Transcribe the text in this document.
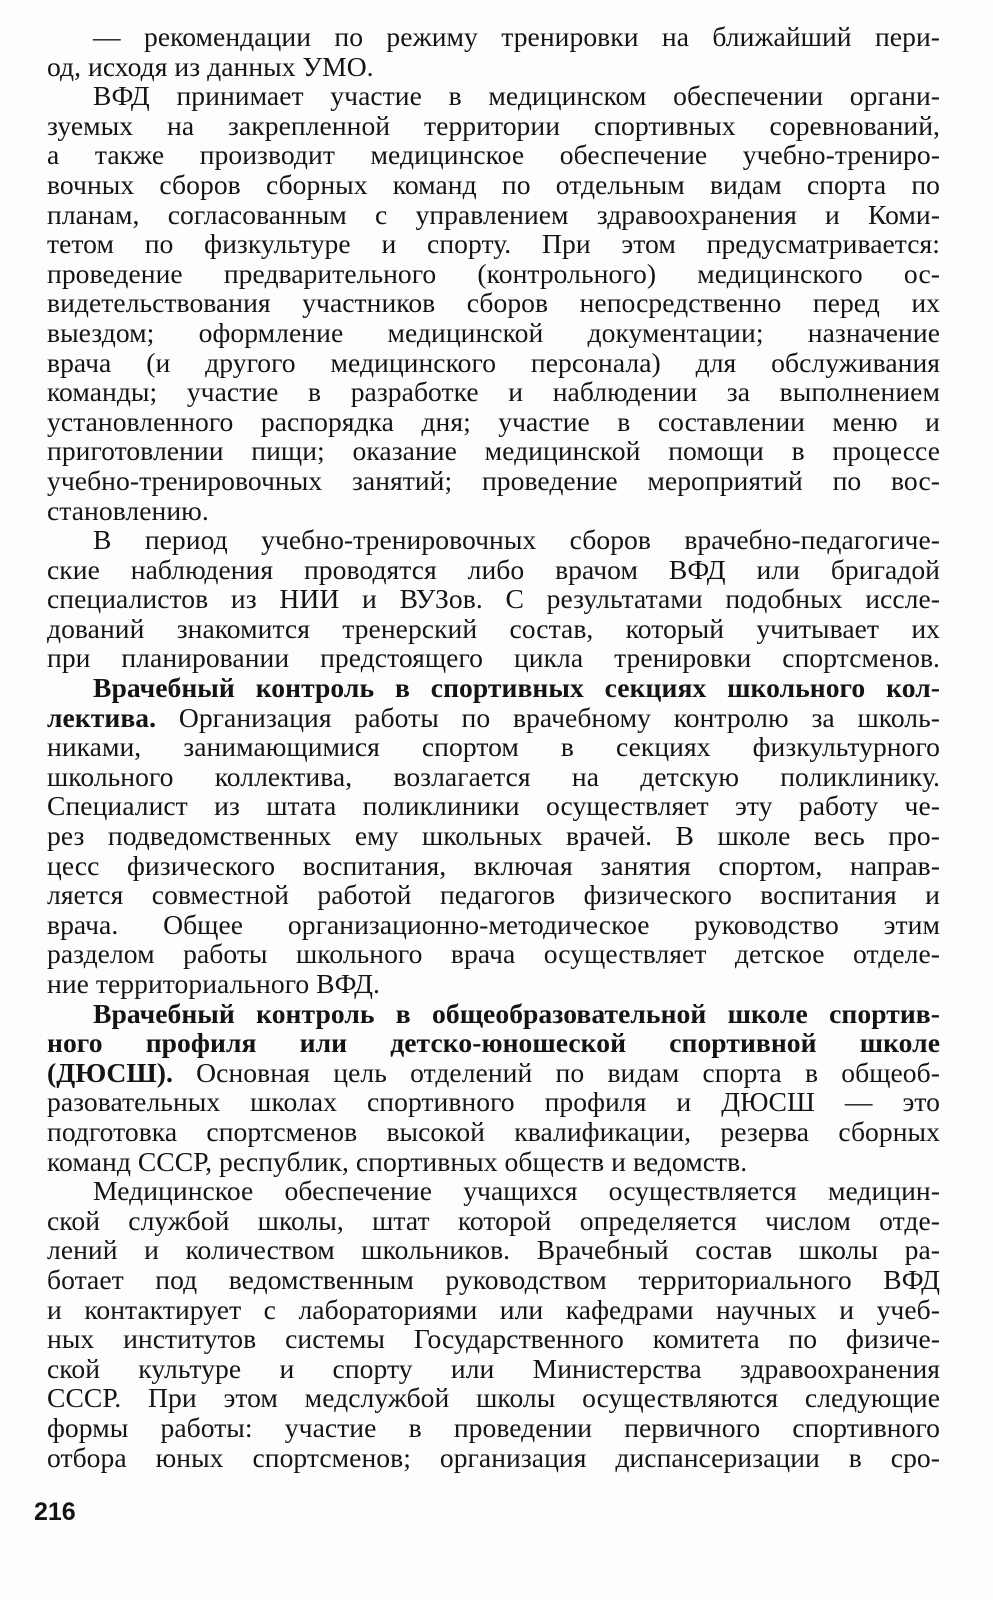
— рекомендации по режиму тренировки на ближайший пери-
од, исходя из данных УМО.
ВФД принимает участие в медицинском обеспечении органи-
зуемых на закрепленной территории спортивных соревнований,
а также производит медицинское обеспечение учебно-трениро-
вочных сборов сборных команд по отдельным видам спорта по
планам, согласованным с управлением здравоохранения и Коми-
тетом по физкультуре и спорту. При этом предусматривается:
проведение предварительного (контрольного) медицинского ос-
видетельствования участников сборов непосредственно перед их
выездом; оформление медицинской документации; назначение
врача (и другого медицинского персонала) для обслуживания
команды; участие в разработке и наблюдении за выполнением
установленного распорядка дня; участие в составлении меню и
приготовлении пищи; оказание медицинской помощи в процессе
учебно-тренировочных занятий; проведение мероприятий по вос-
становлению.
В период учебно-тренировочных сборов врачебно-педагогиче-
ские наблюдения проводятся либо врачом ВФД или бригадой
специалистов из НИИ и ВУЗов. С результатами подобных иссле-
дований знакомится тренерский состав, который учитывает их
при планировании предстоящего цикла тренировки спортсменов.
Врачебный контроль в спортивных секциях школьного кол-
лектива. Организация работы по врачебному контролю за школь-
никами, занимающимися спортом в секциях физкультурного
школьного коллектива, возлагается на детскую поликлинику.
Специалист из штата поликлиники осуществляет эту работу че-
рез подведомственных ему школьных врачей. В школе весь про-
цесс физического воспитания, включая занятия спортом, направ-
ляется совместной работой педагогов физического воспитания и
врача. Общее организационно-методическое руководство этим
разделом работы школьного врача осуществляет детское отделе-
ние территориального ВФД.
Врачебный контроль в общеобразовательной школе спортив-
ного профиля или детско-юношеской спортивной школе
(ДЮСШ). Основная цель отделений по видам спорта в общеоб-
разовательных школах спортивного профиля и ДЮСШ — это
подготовка спортсменов высокой квалификации, резерва сборных
команд СССР, республик, спортивных обществ и ведомств.
Медицинское обеспечение учащихся осуществляется медицин-
ской службой школы, штат которой определяется числом отде-
лений и количеством школьников. Врачебный состав школы ра-
ботает под ведомственным руководством территориального ВФД
и контактирует с лабораториями или кафедрами научных и учеб-
ных институтов системы Государственного комитета по физиче-
ской культуре и спорту или Министерства здравоохранения
СССР. При этом медслужбой школы осуществляются следующие
формы работы: участие в проведении первичного спортивного
отбора юных спортсменов; организация диспансеризации в сро-
216
